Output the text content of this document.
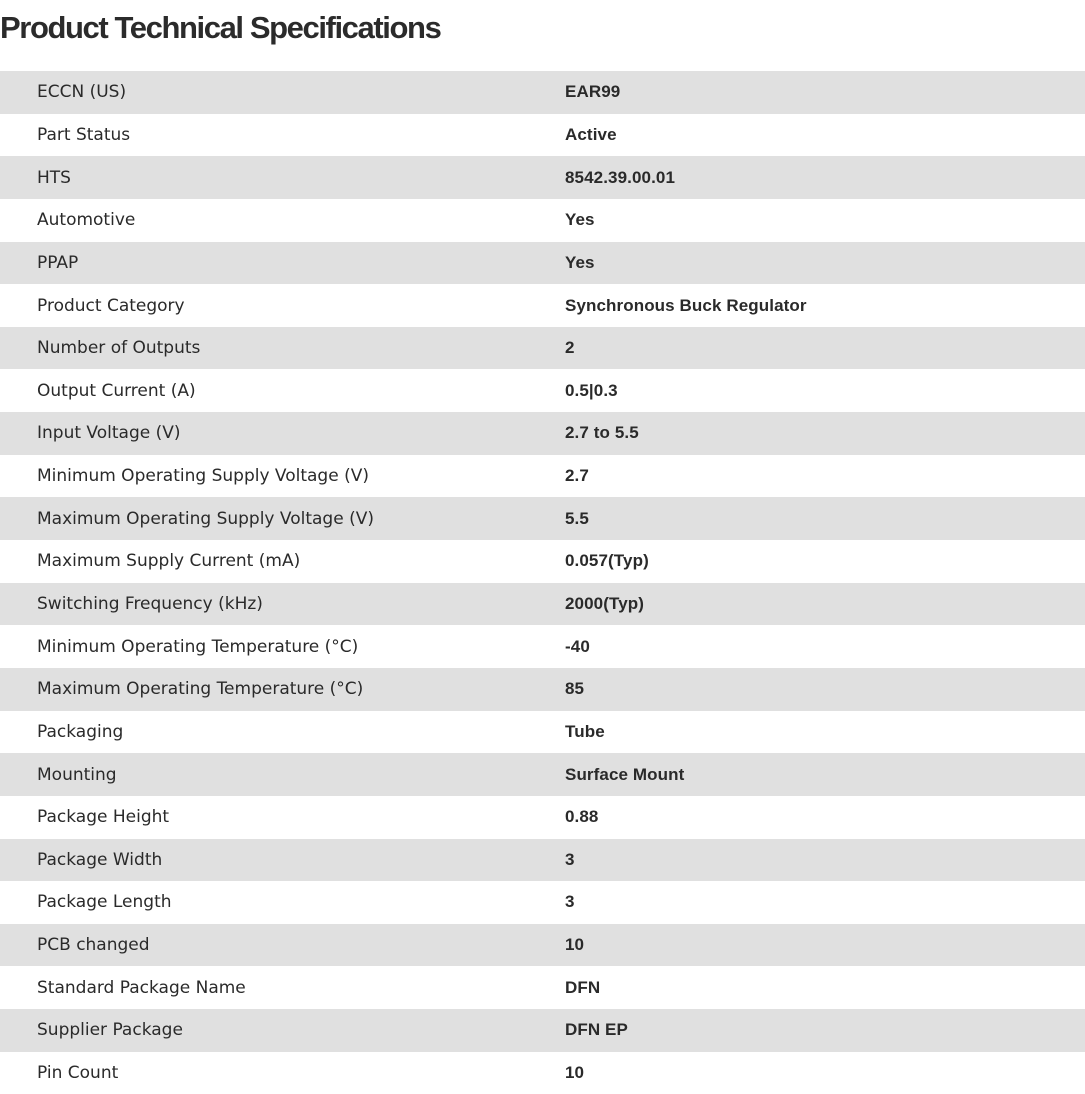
Product Technical Specifications
ECCN (US)	EAR99
Part Status	Active
HTS	8542.39.00.01
Automotive	Yes
PPAP	Yes
Product Category	Synchronous Buck Regulator
Number of Outputs	2
Output Current (A)	0.5|0.3
Input Voltage (V)	2.7 to 5.5
Minimum Operating Supply Voltage (V)	2.7
Maximum Operating Supply Voltage (V)	5.5
Maximum Supply Current (mA)	0.057(Typ)
Switching Frequency (kHz)	2000(Typ)
Minimum Operating Temperature (°C)	-40
Maximum Operating Temperature (°C)	85
Packaging	Tube
Mounting	Surface Mount
Package Height	0.88
Package Width	3
Package Length	3
PCB changed	10
Standard Package Name	DFN
Supplier Package	DFN EP
Pin Count	10
